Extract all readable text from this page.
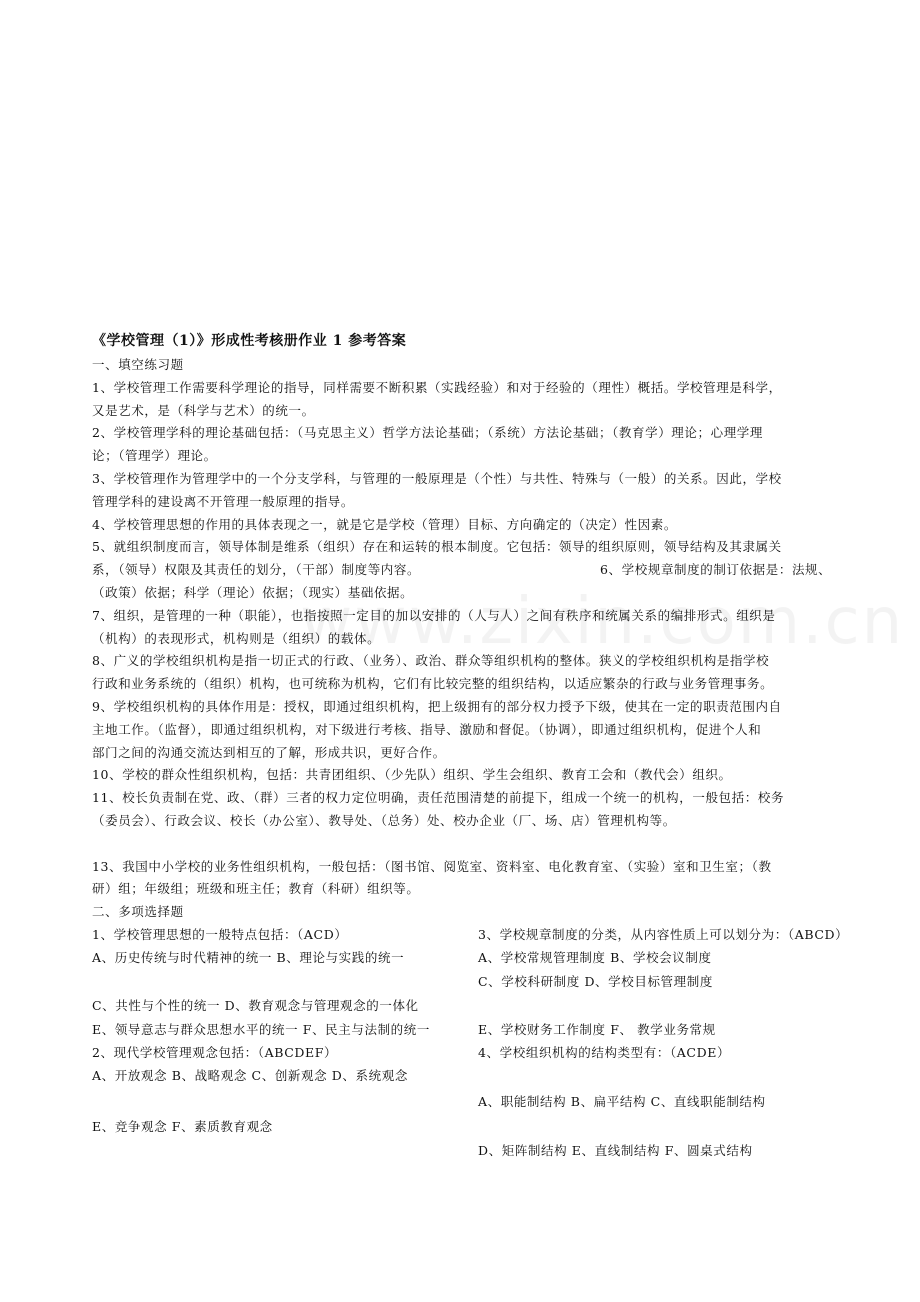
《学校管理（1）》形成性考核册作业 1 参考答案
一、填空练习题
1、学校管理工作需要科学理论的指导，同样需要不断积累（实践经验）和对于经验的（理性）概括。学校管理是科学，
又是艺术，是（科学与艺术）的统一。
2、学校管理学科的理论基础包括：（马克思主义）哲学方法论基础；（系统）方法论基础；（教育学）理论；心理学理
论；（管理学）理论。
3、学校管理作为管理学中的一个分支学科，与管理的一般原理是（个性）与共性、特殊与（一般）的关系。因此，学校
管理学科的建设离不开管理一般原理的指导。
4、学校管理思想的作用的具体表现之一，就是它是学校（管理）目标、方向确定的（决定）性因素。
5、就组织制度而言，领导体制是维系（组织）存在和运转的根本制度。它包括：领导的组织原则，领导结构及其隶属关
系，（领导）权限及其责任的划分，（干部）制度等内容。	6、学校规章制度的制订依据是：法规、
（政策）依据；科学（理论）依据；（现实）基础依据。
7、组织，是管理的一种（职能），也指按照一定目的加以安排的（人与人）之间有秩序和统属关系的编排形式。组织是
（机构）的表现形式，机构则是（组织）的载体。
8、广义的学校组织机构是指一切正式的行政、（业务）、政治、群众等组织机构的整体。狭义的学校组织机构是指学校
行政和业务系统的（组织）机构，也可统称为机构，它们有比较完整的组织结构，以适应繁杂的行政与业务管理事务。
9、学校组织机构的具体作用是：授权，即通过组织机构，把上级拥有的部分权力授予下级，使其在一定的职责范围内自
主地工作。（监督），即通过组织机构，对下级进行考核、指导、激励和督促。（协调），即通过组织机构，促进个人和
部门之间的沟通交流达到相互的了解，形成共识，更好合作。
10、学校的群众性组织机构，包括：共青团组织、（少先队）组织、学生会组织、教育工会和（教代会）组织。
11、校长负责制在党、政、（群）三者的权力定位明确，责任范围清楚的前提下，组成一个统一的机构，一般包括：校务
（委员会）、行政会议、校长（办公室）、教导处、（总务）处、校办企业（厂、场、店）管理机构等。
13、我国中小学校的业务性组织机构，一般包括：（图书馆、阅览室、资料室、电化教育室、（实验）室和卫生室；（教
研）组；年级组；班级和班主任；教育（科研）组织等。
二、多项选择题
1、学校管理思想的一般特点包括：（ACD）
A、历史传统与时代精神的统一 B、理论与实践的统一
C、共性与个性的统一 D、教育观念与管理观念的一体化
E、领导意志与群众思想水平的统一 F、民主与法制的统一
2、现代学校管理观念包括：（ABCDEF）
A、开放观念 B、战略观念 C、创新观念 D、系统观念
E、竞争观念 F、素质教育观念
3、学校规章制度的分类，从内容性质上可以划分为：（ABCD）
A、学校常规管理制度 B、学校会议制度
C、学校科研制度 D、学校目标管理制度
E、学校财务工作制度 F、 教学业务常规
4、学校组织机构的结构类型有：（ACDE）
A、职能制结构 B、扁平结构 C、直线职能制结构
D、矩阵制结构 E、直线制结构 F、圆桌式结构
